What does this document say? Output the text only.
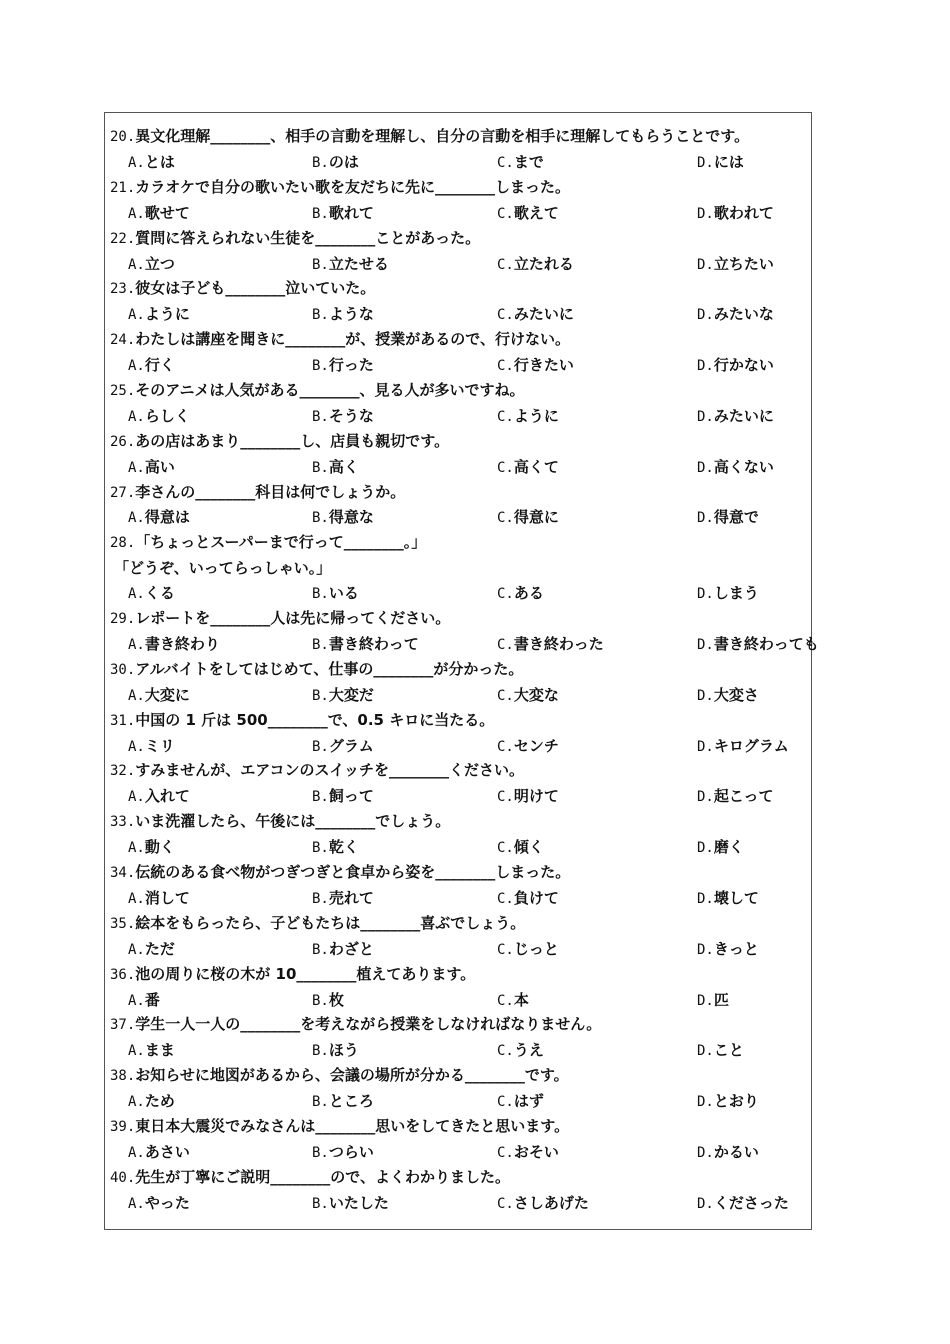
20.異文化理解________、相手の言動を理解し、自分の言動を相手に理解してもらうことです。
A.とは	B.のは	C.まで	D.には
21.カラオケで自分の歌いたい歌を友だちに先に________しまった。
A.歌せて	B.歌れて	C.歌えて	D.歌われて
22.質問に答えられない生徒を________ことがあった。
A.立つ	B.立たせる	C.立たれる	D.立ちたい
23.彼女は子ども________泣いていた。
A.ように	B.ような	C.みたいに	D.みたいな
24.わたしは講座を聞きに________が、授業があるので、行けない。
A.行く	B.行った	C.行きたい	D.行かない
25.そのアニメは人気がある________、見る人が多いですね。
A.らしく	B.そうな	C.ように	D.みたいに
26.あの店はあまり________し、店員も親切です。
A.高い	B.高く	C.高くて	D.高くない
27.李さんの________科目は何でしょうか。
A.得意は	B.得意な	C.得意に	D.得意で
28.「ちょっとスーパーまで行って________。」
「どうぞ、いってらっしゃい。」
A.くる	B.いる	C.ある	D.しまう
29.レポートを________人は先に帰ってください。
A.書き終わり	B.書き終わって	C.書き終わった	D.書き終わっても
30.アルバイトをしてはじめて、仕事の________が分かった。
A.大変に	B.大変だ	C.大変な	D.大変さ
31.中国の 1 斤は 500________で、0.5 キロに当たる。
A.ミリ	B.グラム	C.センチ	D.キログラム
32.すみませんが、エアコンのスイッチを________ください。
A.入れて	B.飼って	C.明けて	D.起こって
33.いま洗濯したら、午後には________でしょう。
A.動く	B.乾く	C.傾く	D.磨く
34.伝統のある食べ物がつぎつぎと食卓から姿を________しまった。
A.消して	B.売れて	C.負けて	D.壊して
35.絵本をもらったら、子どもたちは________喜ぶでしょう。
A.ただ	B.わざと	C.じっと	D.きっと
36.池の周りに桜の木が 10________植えてあります。
A.番	B.枚	C.本	D.匹
37.学生一人一人の________を考えながら授業をしなければなりません。
A.まま	B.ほう	C.うえ	D.こと
38.お知らせに地図があるから、会議の場所が分かる________です。
A.ため	B.ところ	C.はず	D.とおり
39.東日本大震災でみなさんは________思いをしてきたと思います。
A.あさい	B.つらい	C.おそい	D.かるい
40.先生が丁寧にご説明________ので、よくわかりました。
A.やった	B.いたした	C.さしあげた	D.くださった
